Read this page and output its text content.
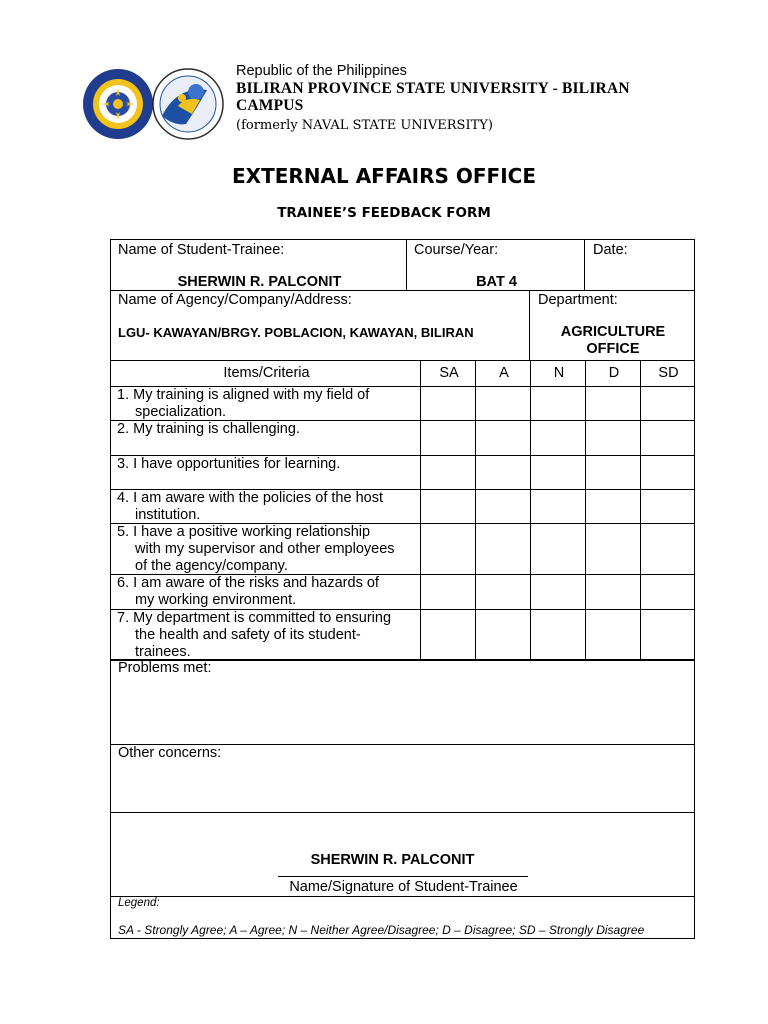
Republic of the Philippines
BILIRAN PROVINCE STATE UNIVERSITY - BILIRAN
CAMPUS
(formerly NAVAL STATE UNIVERSITY)
EXTERNAL AFFAIRS OFFICE
TRAINEE’S FEEDBACK FORM
Name of Student-Trainee:
SHERWIN R. PALCONIT
Course/Year:
BAT 4
Date:
Name of Agency/Company/Address:
LGU- KAWAYAN/BRGY. POBLACION, KAWAYAN, BILIRAN
Department:
AGRICULTURE
OFFICE
Items/Criteria	SA	A	N	D	SD
1. My training is aligned with my field of
specialization.
2. My training is challenging.
3. I have opportunities for learning.
4. I am aware with the policies of the host
institution.
5. I have a positive working relationship
with my supervisor and other employees
of the agency/company.
6. I am aware of the risks and hazards of
my working environment.
7. My department is committed to ensuring
the health and safety of its student-
trainees.
Problems met:
Other concerns:
SHERWIN R. PALCONIT
Name/Signature of Student-Trainee
Legend:
SA - Strongly Agree; A – Agree; N – Neither Agree/Disagree; D – Disagree; SD – Strongly Disagree
